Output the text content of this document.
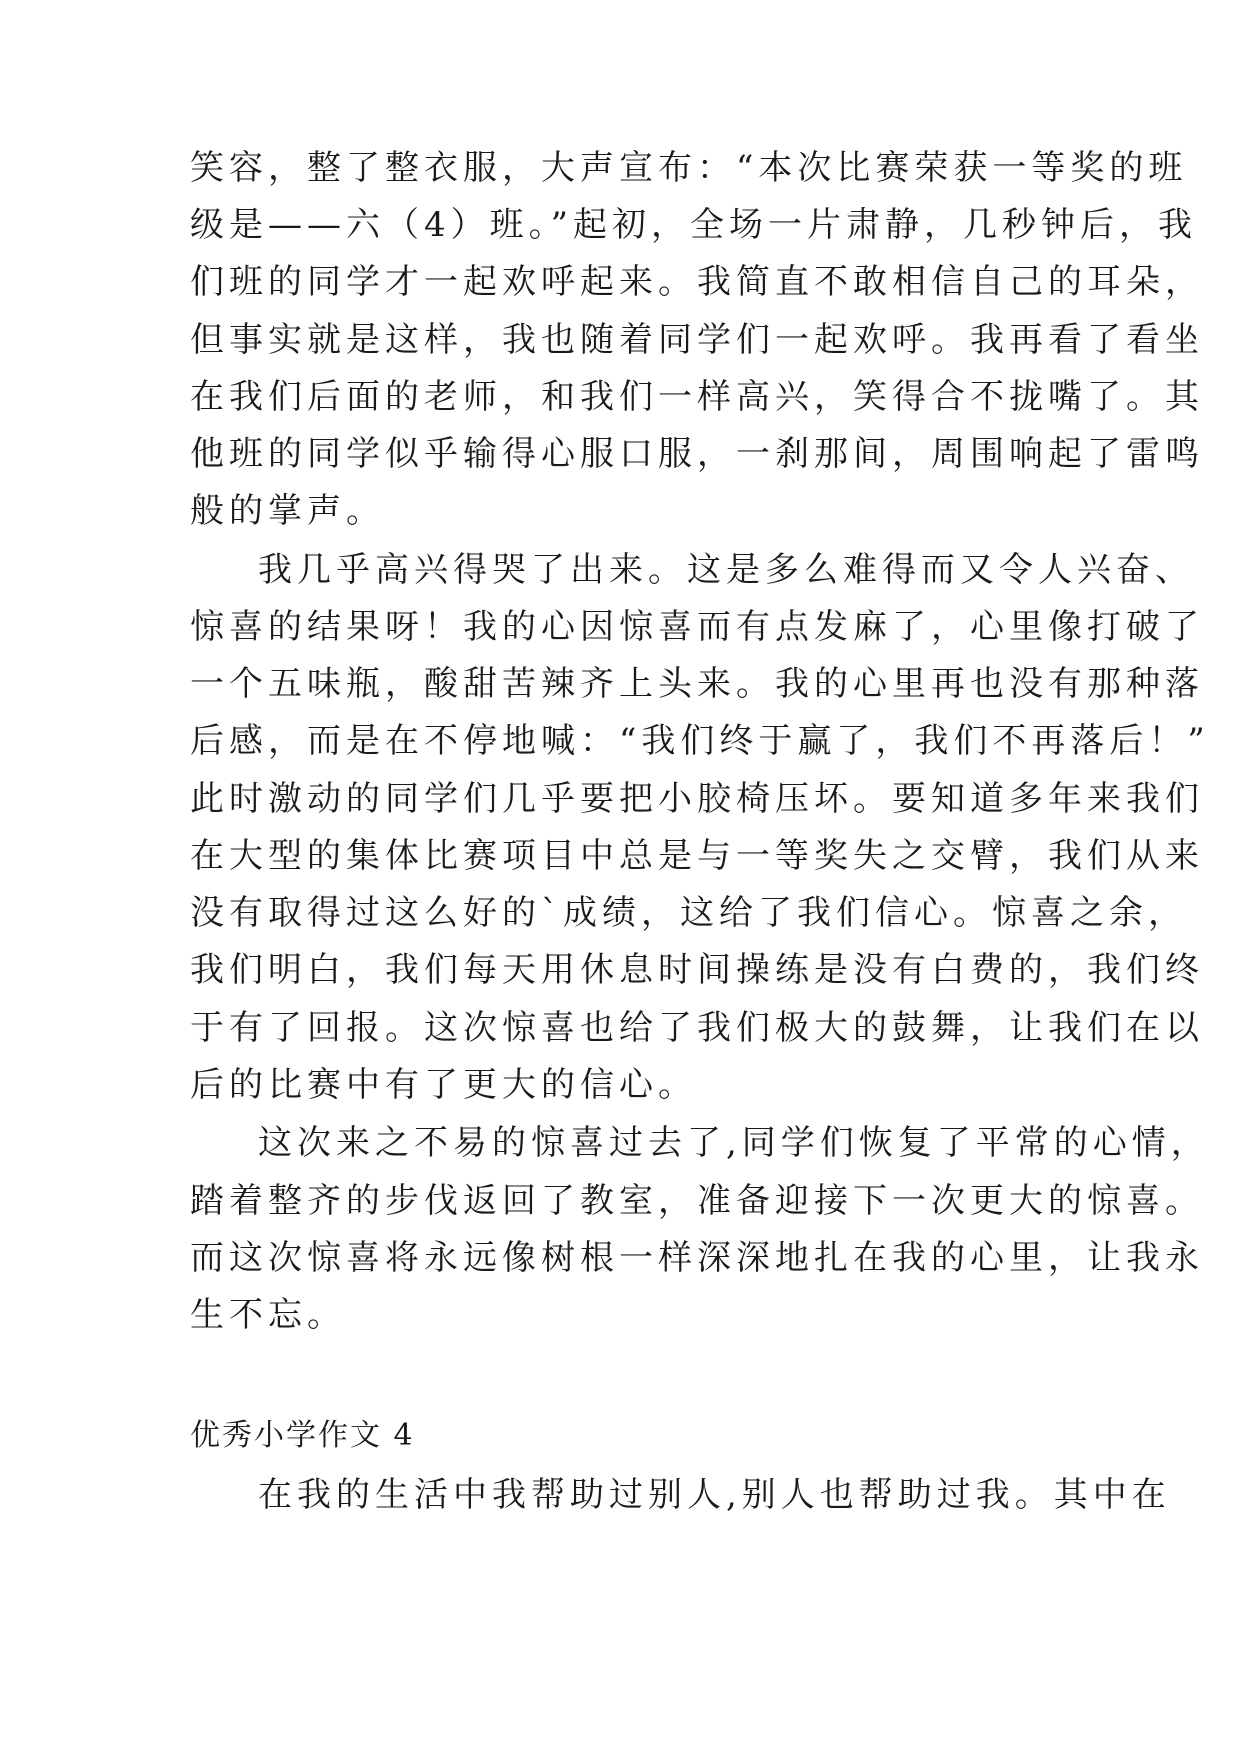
笑容，整了整衣服，大声宣布：“本次比赛荣获一等奖的班
级是——六（4）班。”起初，全场一片肃静，几秒钟后，我
们班的同学才一起欢呼起来。我简直不敢相信自己的耳朵，
但事实就是这样，我也随着同学们一起欢呼。我再看了看坐
在我们后面的老师，和我们一样高兴，笑得合不拢嘴了。其
他班的同学似乎输得心服口服，一刹那间，周围响起了雷鸣
般的掌声。
我几乎高兴得哭了出来。这是多么难得而又令人兴奋、
惊喜的结果呀！我的心因惊喜而有点发麻了，心里像打破了
一个五味瓶，酸甜苦辣齐上头来。我的心里再也没有那种落
后感，而是在不停地喊：“我们终于赢了，我们不再落后！”
此时激动的同学们几乎要把小胶椅压坏。要知道多年来我们
在大型的集体比赛项目中总是与一等奖失之交臂，我们从来
没有取得过这么好的`成绩，这给了我们信心。惊喜之余，
我们明白，我们每天用休息时间操练是没有白费的，我们终
于有了回报。这次惊喜也给了我们极大的鼓舞，让我们在以
后的比赛中有了更大的信心。
这次来之不易的惊喜过去了,同学们恢复了平常的心情，
踏着整齐的步伐返回了教室，准备迎接下一次更大的惊喜。
而这次惊喜将永远像树根一样深深地扎在我的心里，让我永
生不忘。
优秀小学作文 4
在我的生活中我帮助过别人,别人也帮助过我。其中在
